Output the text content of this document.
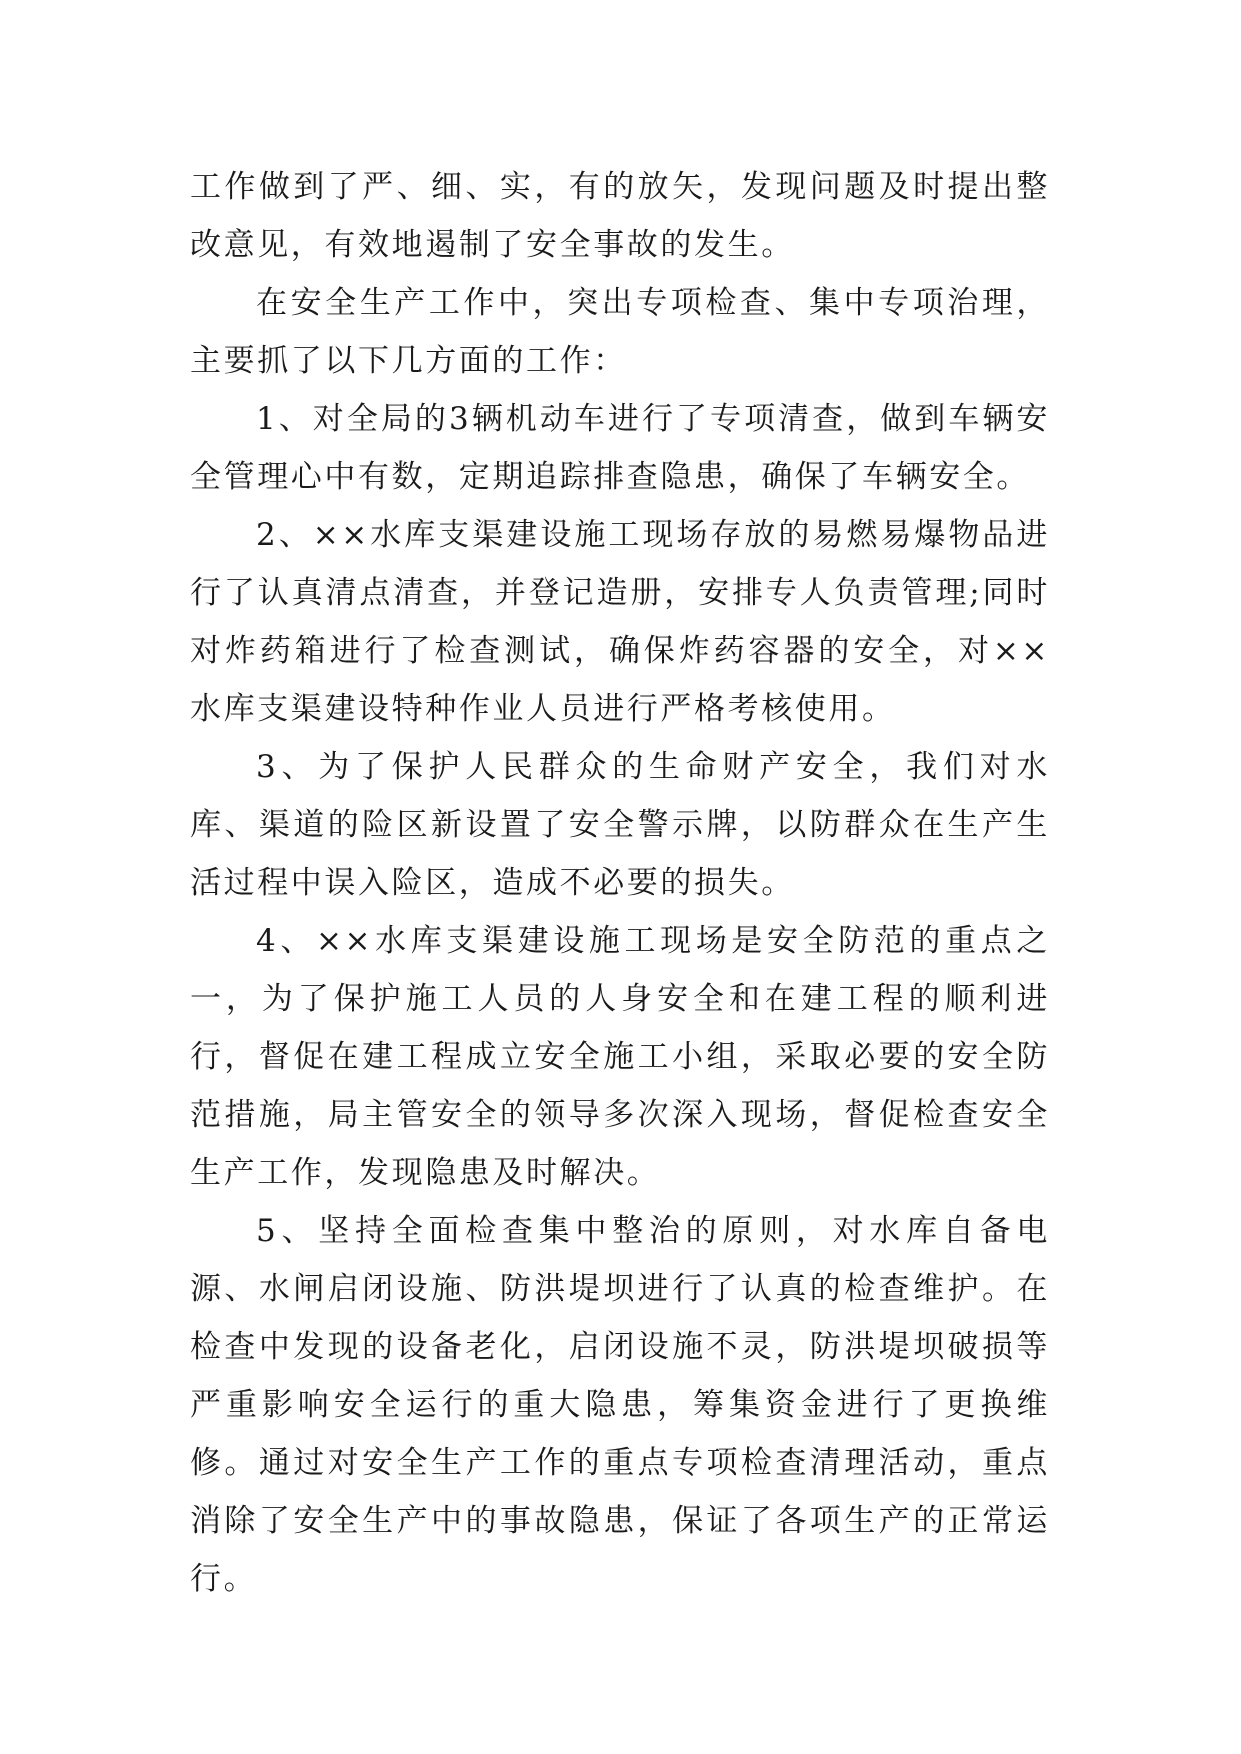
工作做到了严、细、实，有的放矢，发现问题及时提出整改意见，有效地遏制了安全事故的发生。

在安全生产工作中，突出专项检查、集中专项治理，主要抓了以下几方面的工作：

1、对全局的3辆机动车进行了专项清查，做到车辆安全管理心中有数，定期追踪排查隐患，确保了车辆安全。

2、××水库支渠建设施工现场存放的易燃易爆物品进行了认真清点清查，并登记造册，安排专人负责管理;同时对炸药箱进行了检查测试，确保炸药容器的安全，对××水库支渠建设特种作业人员进行严格考核使用。

3、为了保护人民群众的生命财产安全，我们对水库、渠道的险区新设置了安全警示牌，以防群众在生产生活过程中误入险区，造成不必要的损失。

4、××水库支渠建设施工现场是安全防范的重点之一，为了保护施工人员的人身安全和在建工程的顺利进行，督促在建工程成立安全施工小组，采取必要的安全防范措施，局主管安全的领导多次深入现场，督促检查安全生产工作，发现隐患及时解决。

5、坚持全面检查集中整治的原则，对水库自备电源、水闸启闭设施、防洪堤坝进行了认真的检查维护。在检查中发现的设备老化，启闭设施不灵，防洪堤坝破损等严重影响安全运行的重大隐患，筹集资金进行了更换维修。通过对安全生产工作的重点专项检查清理活动，重点消除了安全生产中的事故隐患，保证了各项生产的正常运行。
